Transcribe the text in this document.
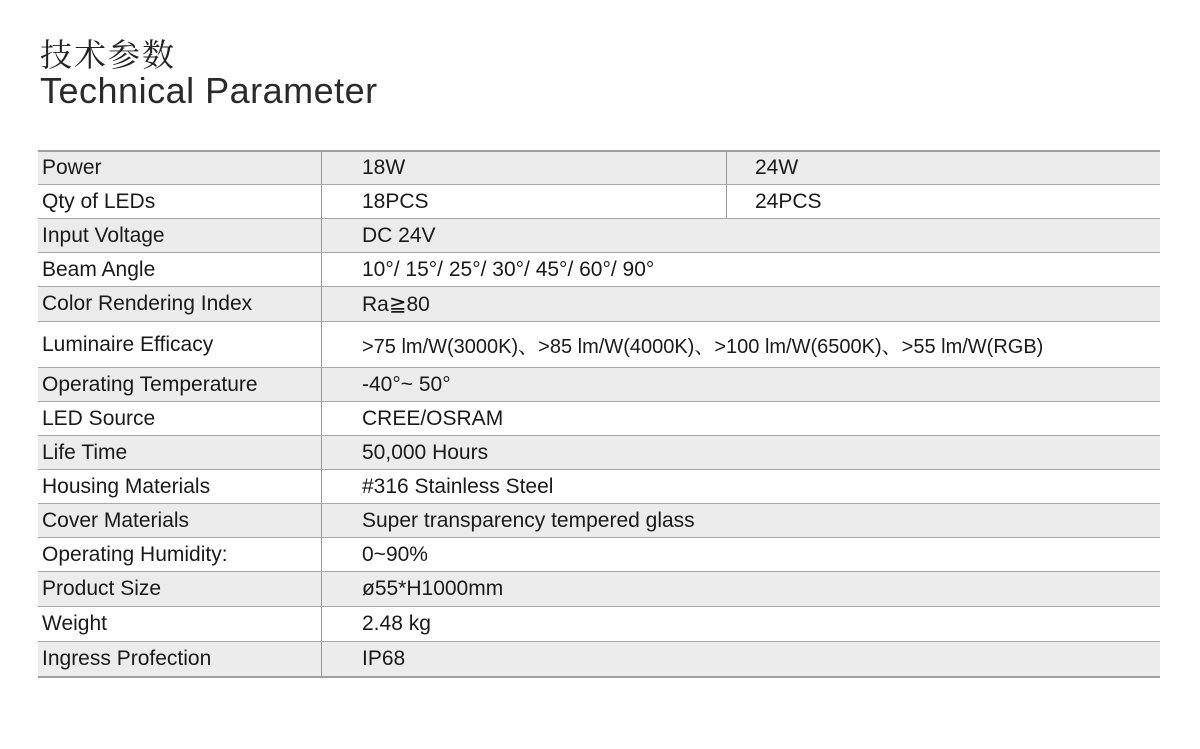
技术参数
Technical Parameter
Power	18W	24W
Qty of LEDs	18PCS	24PCS
Input Voltage	DC 24V
Beam Angle	10°/ 15°/ 25°/ 30°/ 45°/ 60°/ 90°
Color Rendering Index	Ra≧80
Luminaire Efficacy	>75 lm/W(3000K)、>85 lm/W(4000K)、>100 lm/W(6500K)、>55 lm/W(RGB)
Operating Temperature	-40°~ 50°
LED Source	CREE/OSRAM
Life Time	50,000 Hours
Housing Materials	#316 Stainless Steel
Cover Materials	Super transparency tempered glass
Operating Humidity:	0~90%
Product Size	ø55*H1000mm
Weight	2.48 kg
Ingress Profection	IP68
